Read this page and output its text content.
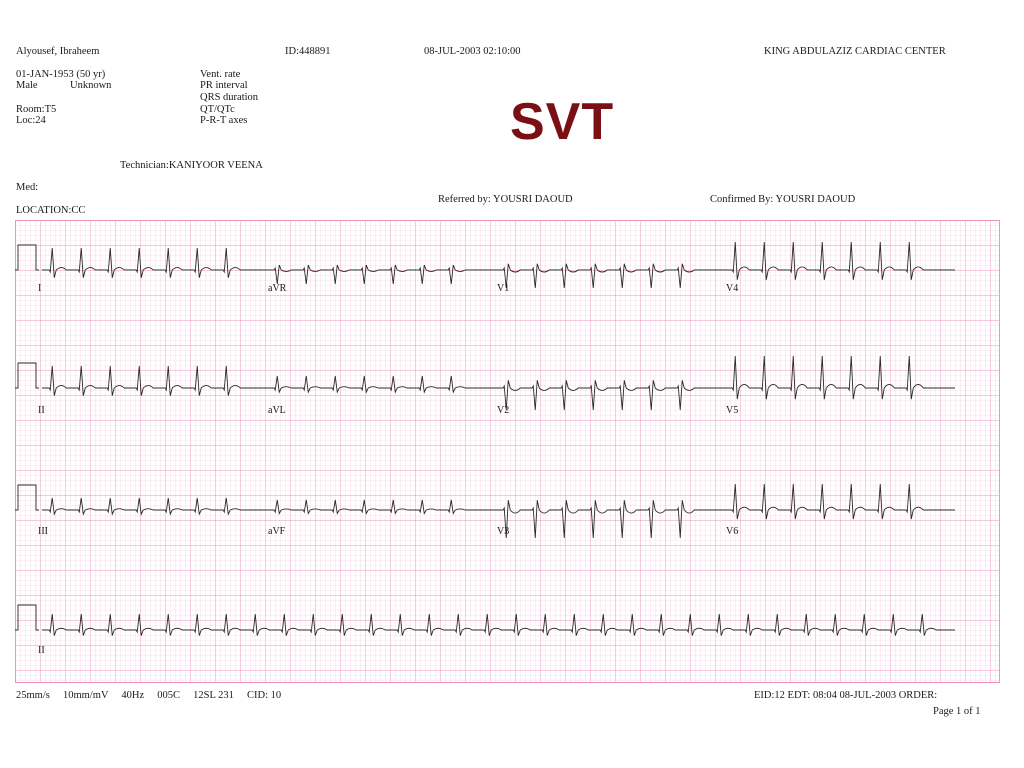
Alyousef, Ibraheem	ID:448891	08-JUL-2003 02:10:00	KING ABDULAZIZ CARDIAC CENTER
01-JAN-1953 (50 yr)
Male	Unknown
Room:T5
Loc:24
Vent. rate
PR interval
QRS duration
QT/QTc
P-R-T axes	SVT
Technician:KANIYOOR VEENA
Med:
Referred by: YOUSRI DAOUD	Confirmed By: YOUSRI DAOUD
LOCATION:CC
I	aVR	V1	V4
II	aVL	V2	V5
III	aVF	V3	V6
II
25mm/s     10mm/mV     40Hz     005C     12SL 231     CID: 10	EID:12 EDT: 08:04 08-JUL-2003 ORDER:
Page 1 of 1
